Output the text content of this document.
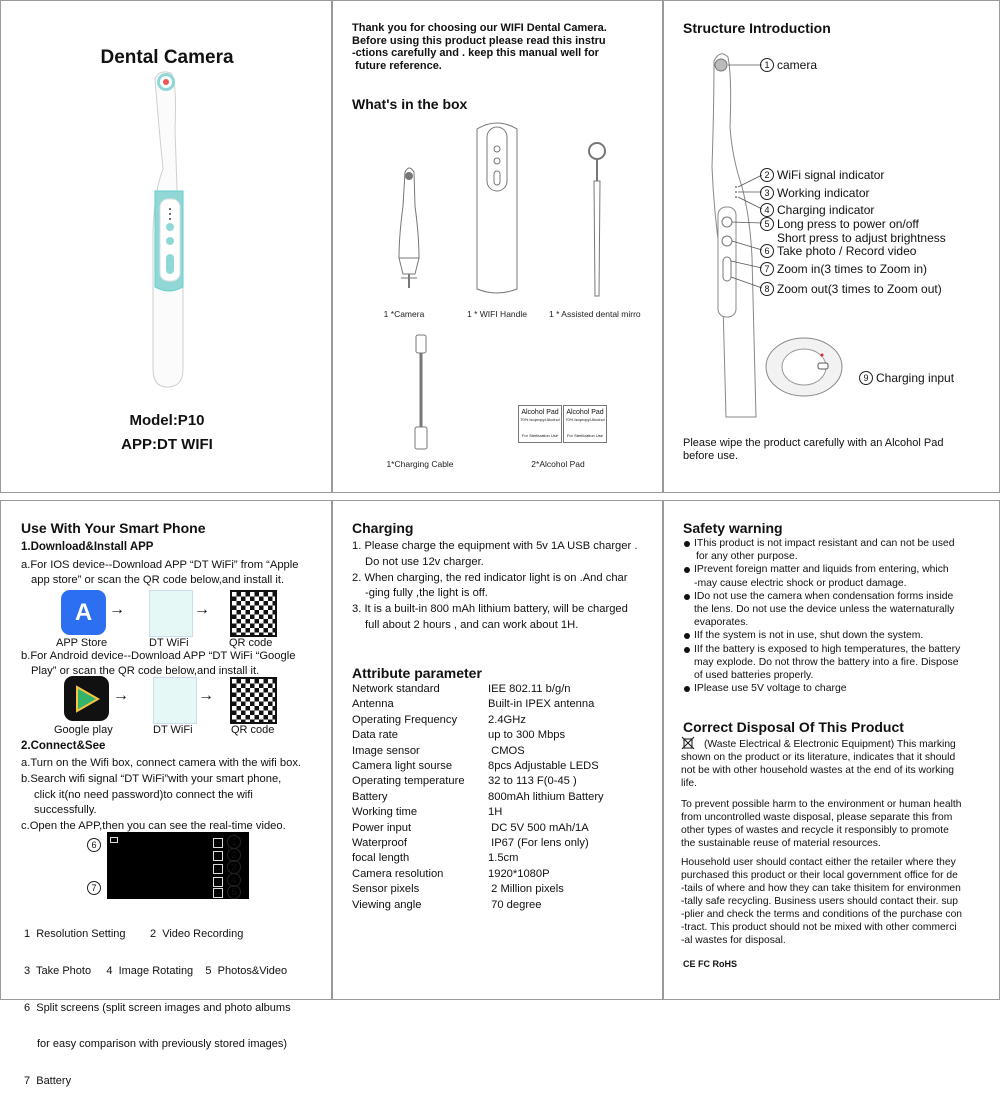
Dental Camera
Model:P10
APP:DT WIFI
Thank you for choosing our WIFI Dental Camera.
Before using this product please read this instru
-ctions carefully and . keep this manual well for
future reference.
What's in the box
1 *Camera	1 * WIFI Handle	1 * Assisted dental mirro
1*Charging Cable
Alcohol Pad
70% Isopropyl Alcohol
For Sterilization Use
Alcohol Pad
70% Isopropyl Alcohol
For Sterilization Use
2*Alcohol Pad
Structure Introduction
1 camera
2 WiFi signal indicator
3 Working indicator
4 Charging indicator
5 Long press to power on/off
Short press to adjust brightness
6 Take photo / Record video
7 Zoom in(3 times to Zoom in)
8 Zoom out(3 times to Zoom out)
9 Charging input
Please wipe the product carefully with an Alcohol Pad
before use.
Use With Your Smart Phone
1.Download&Install APP
a.For IOS device--Download APP “DT WiFi” from “Apple
app store” or scan the QR code below,and install it.
A	→	→
APP Store	DT WiFi	QR code
b.For Android device--Download APP “DT WiFi “Google
Play” or scan the QR code below,and install it.
→	→
Google play	DT WiFi	QR code
2.Connect&See
a.Turn on the Wifi box, connect camera with the wifi box.
b.Search wifi signal “DT WiFi”with your smart phone,
click it(no need password)to connect the wifi
successfully.
c.Open the APP,then you can see the real-time video.
6	1
2
3
4
5
7

1  Resolution Setting        2  Video Recording

3  Take Photo     4  Image Rotating    5  Photos&Video

6  Split screens (split screen images and photo albums

for easy comparison with previously stored images)

7  Battery

Charging
1. Please charge the equipment with 5v 1A USB charger .
Do not use 12v charger.
2. When charging, the red indicator light is on .And char
-ging fully ,the light is off.
3. It is a built-in 800 mAh lithium battery, will be charged
full about 2 hours , and can work about 1H.
Attribute parameter
Network standard	IEE 802.11 b/g/n
Antenna	Built-in IPEX antenna
Operating Frequency	2.4GHz
Data rate	up to 300 Mbps
Image sensor	CMOS
Camera light sourse	8pcs Adjustable LEDS
Operating temperature	32 to 113 F(0-45 )
Battery	800mAh lithium Battery
Working time	1H
Power input	DC 5V 500 mAh/1A
Waterproof	IP67 (For lens only)
focal length	1.5cm
Camera resolution	1920*1080P
Sensor pixels	2 Million pixels
Viewing angle	70 degree
Safety warning
IThis product is not impact resistant and can not be used
for any other purpose.
IPrevent foreign matter and liquids from entering, which
-may cause electric shock or product damage.
IDo not use the camera when condensation forms inside
the lens. Do not use the device unless the waternaturally
evaporates.
IIf the system is not in use, shut down the system.
IIf the battery is exposed to high temperatures, the battery
may explode. Do not throw the battery into a fire. Dispose
of used batteries properly.
IPlease use 5V voltage to charge
Correct Disposal Of This Product
(Waste Electrical & Electronic Equipment) This marking
shown on the product or its literature, indicates that it should
not be with other household wastes at the end of its working
life.
To prevent possible harm to the environment or human health
from uncontrolled waste disposal, please separate this from
other types of wastes and recycle it responsibly to promote
the sustainable reuse of material resources.
Household user should contact either the retailer where they
purchased this product or their local government office for de
-tails of where and how they can take thisitem for environmen
-tally safe recycling. Business users should contact their. sup
-plier and check the terms and conditions of the purchase con
-tract. This product should not be mixed with other commerci
-al wastes for disposal.
CE FC RoHS
